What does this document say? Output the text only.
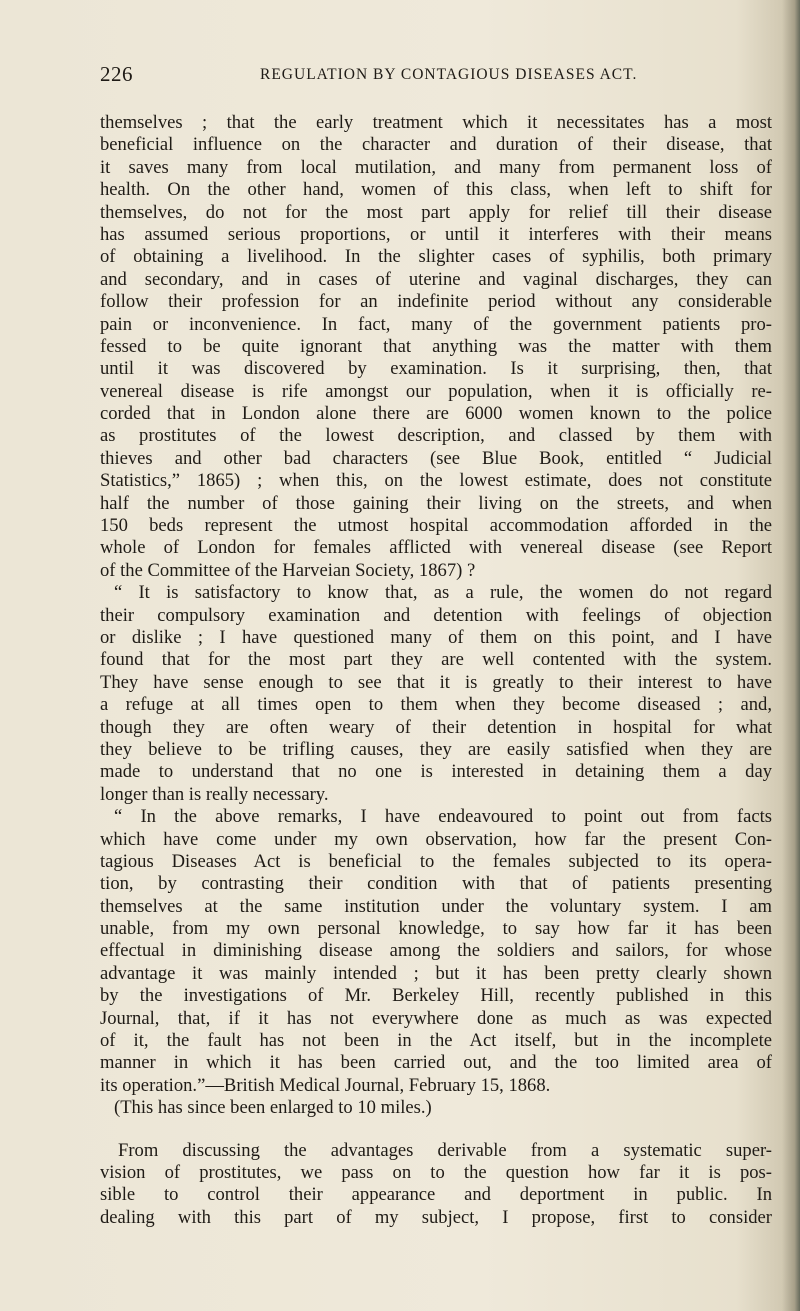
226	REGULATION BY CONTAGIOUS DISEASES ACT.
themselves ; that the early treatment which it necessitates has a most
beneficial influence on the character and duration of their disease, that
it saves many from local mutilation, and many from permanent loss of
health. On the other hand, women of this class, when left to shift for
themselves, do not for the most part apply for relief till their disease
has assumed serious proportions, or until it interferes with their means
of obtaining a livelihood. In the slighter cases of syphilis, both primary
and secondary, and in cases of uterine and vaginal discharges, they can
follow their profession for an indefinite period without any considerable
pain or inconvenience. In fact, many of the government patients pro-
fessed to be quite ignorant that anything was the matter with them
until it was discovered by examination. Is it surprising, then, that
venereal disease is rife amongst our population, when it is officially re-
corded that in London alone there are 6000 women known to the police
as prostitutes of the lowest description, and classed by them with
thieves and other bad characters (see Blue Book, entitled “ Judicial
Statistics,” 1865) ; when this, on the lowest estimate, does not constitute
half the number of those gaining their living on the streets, and when
150 beds represent the utmost hospital accommodation afforded in the
whole of London for females afflicted with venereal disease (see Report
of the Committee of the Harveian Society, 1867) ?
“ It is satisfactory to know that, as a rule, the women do not regard
their compulsory examination and detention with feelings of objection
or dislike ; I have questioned many of them on this point, and I have
found that for the most part they are well contented with the system.
They have sense enough to see that it is greatly to their interest to have
a refuge at all times open to them when they become diseased ; and,
though they are often weary of their detention in hospital for what
they believe to be trifling causes, they are easily satisfied when they are
made to understand that no one is interested in detaining them a day
longer than is really necessary.
“ In the above remarks, I have endeavoured to point out from facts
which have come under my own observation, how far the present Con-
tagious Diseases Act is beneficial to the females subjected to its opera-
tion, by contrasting their condition with that of patients presenting
themselves at the same institution under the voluntary system. I am
unable, from my own personal knowledge, to say how far it has been
effectual in diminishing disease among the soldiers and sailors, for whose
advantage it was mainly intended ; but it has been pretty clearly shown
by the investigations of Mr. Berkeley Hill, recently published in this
Journal, that, if it has not everywhere done as much as was expected
of it, the fault has not been in the Act itself, but in the incomplete
manner in which it has been carried out, and the too limited area of
its operation.”—British Medical Journal, February 15, 1868.
(This has since been enlarged to 10 miles.)
From discussing the advantages derivable from a systematic super-
vision of prostitutes, we pass on to the question how far it is pos-
sible to control their appearance and deportment in public. In
dealing with this part of my subject, I propose, first to consider
